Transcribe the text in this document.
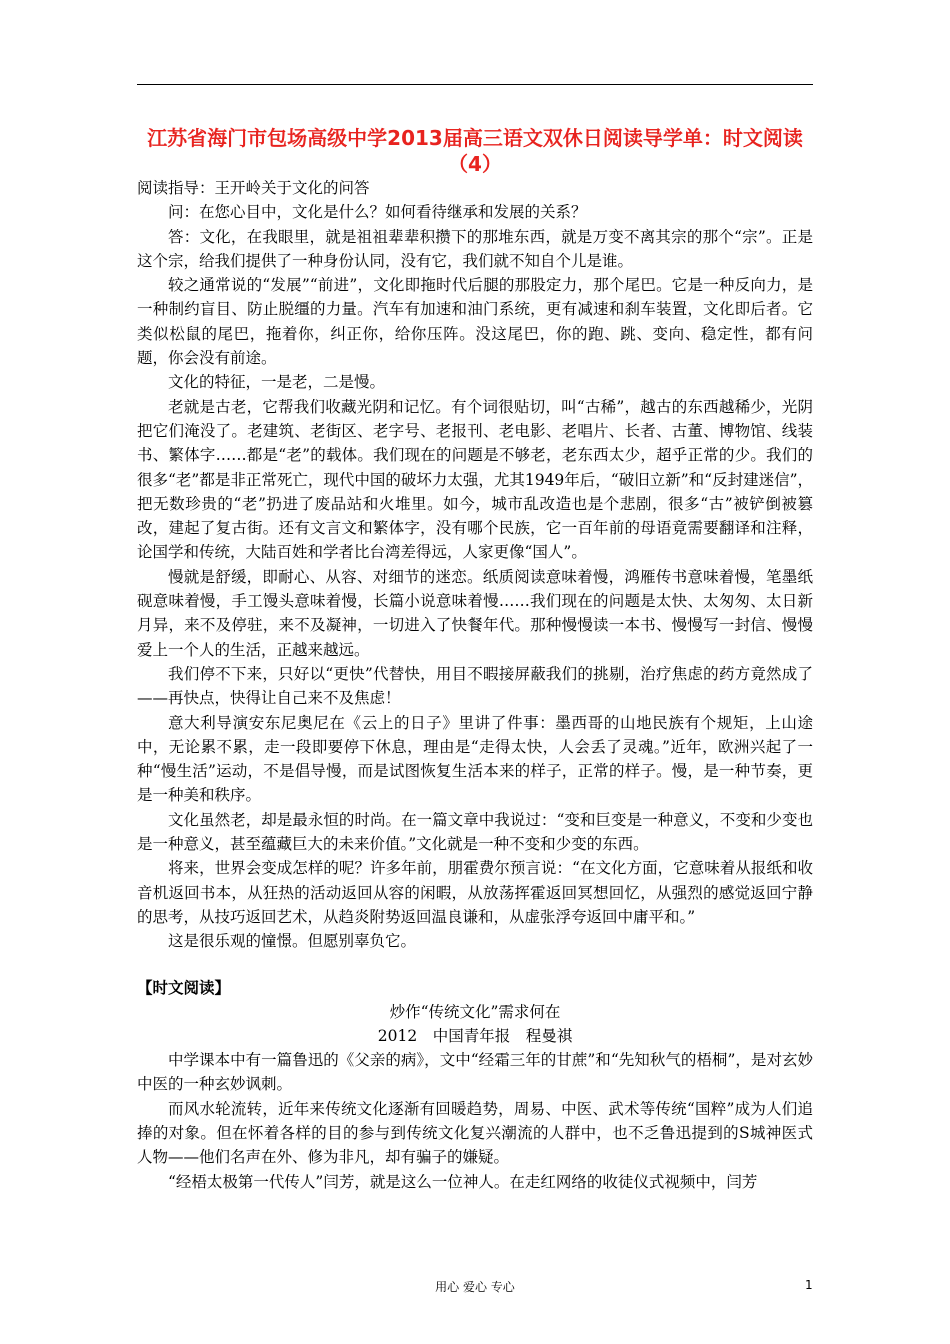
江苏省海门市包场高级中学2013届高三语文双休日阅读导学单：时文阅读（4）

阅读指导：王开岭关于文化的问答

问：在您心目中，文化是什么？如何看待继承和发展的关系？

答：文化，在我眼里，就是祖祖辈辈积攒下的那堆东西，就是万变不离其宗的那个“宗”。正是这个宗，给我们提供了一种身份认同，没有它，我们就不知自个儿是谁。

较之通常说的“发展”“前进”，文化即拖时代后腿的那股定力，那个尾巴。它是一种反向力，是一种制约盲目、防止脱缰的力量。汽车有加速和油门系统，更有减速和刹车装置，文化即后者。它类似松鼠的尾巴，拖着你，纠正你，给你压阵。没这尾巴，你的跑、跳、变向、稳定性，都有问题，你会没有前途。

文化的特征，一是老，二是慢。

老就是古老，它帮我们收藏光阴和记忆。有个词很贴切，叫“古稀”，越古的东西越稀少，光阴把它们淹没了。老建筑、老街区、老字号、老报刊、老电影、老唱片、长者、古董、博物馆、线装书、繁体字……都是“老”的载体。我们现在的问题是不够老，老东西太少，超乎正常的少。我们的很多“老”都是非正常死亡，现代中国的破坏力太强，尤其1949年后，“破旧立新”和“反封建迷信”，把无数珍贵的“老”扔进了废品站和火堆里。如今，城市乱改造也是个悲剧，很多“古”被铲倒被篡改，建起了复古街。还有文言文和繁体字，没有哪个民族，它一百年前的母语竟需要翻译和注释，论国学和传统，大陆百姓和学者比台湾差得远，人家更像“国人”。

慢就是舒缓，即耐心、从容、对细节的迷恋。纸质阅读意味着慢，鸿雁传书意味着慢，笔墨纸砚意味着慢，手工馒头意味着慢，长篇小说意味着慢……我们现在的问题是太快、太匆匆、太日新月异，来不及停驻，来不及凝神，一切进入了快餐年代。那种慢慢读一本书、慢慢写一封信、慢慢爱上一个人的生活，正越来越远。

我们停不下来，只好以“更快”代替快，用目不暇接屏蔽我们的挑剔，治疗焦虑的药方竟然成了——再快点，快得让自己来不及焦虑！

意大利导演安东尼奥尼在《云上的日子》里讲了件事：墨西哥的山地民族有个规矩，上山途中，无论累不累，走一段即要停下休息，理由是“走得太快，人会丢了灵魂。”近年，欧洲兴起了一种“慢生活”运动，不是倡导慢，而是试图恢复生活本来的样子，正常的样子。慢，是一种节奏，更是一种美和秩序。

文化虽然老，却是最永恒的时尚。在一篇文章中我说过：“变和巨变是一种意义，不变和少变也是一种意义，甚至蕴藏巨大的未来价值。”文化就是一种不变和少变的东西。

将来，世界会变成怎样的呢？许多年前，朋霍费尔预言说：“在文化方面，它意味着从报纸和收音机返回书本，从狂热的活动返回从容的闲暇，从放荡挥霍返回冥想回忆，从强烈的感觉返回宁静的思考，从技巧返回艺术，从趋炎附势返回温良谦和，从虚张浮夸返回中庸平和。”

这是很乐观的憧憬。但愿别辜负它。

【时文阅读】

炒作“传统文化”需求何在

2012　中国青年报　程曼祺

中学课本中有一篇鲁迅的《父亲的病》，文中“经霜三年的甘蔗”和“先知秋气的梧桐”，是对玄妙中医的一种玄妙讽刺。

而风水轮流转，近年来传统文化逐渐有回暖趋势，周易、中医、武术等传统“国粹”成为人们追捧的对象。但在怀着各样的目的参与到传统文化复兴潮流的人群中，也不乏鲁迅提到的S城神医式人物——他们名声在外、修为非凡，却有骗子的嫌疑。

“经梧太极第一代传人”闫芳，就是这么一位神人。在走红网络的收徒仪式视频中，闫芳

用心 爱心 专心	1
